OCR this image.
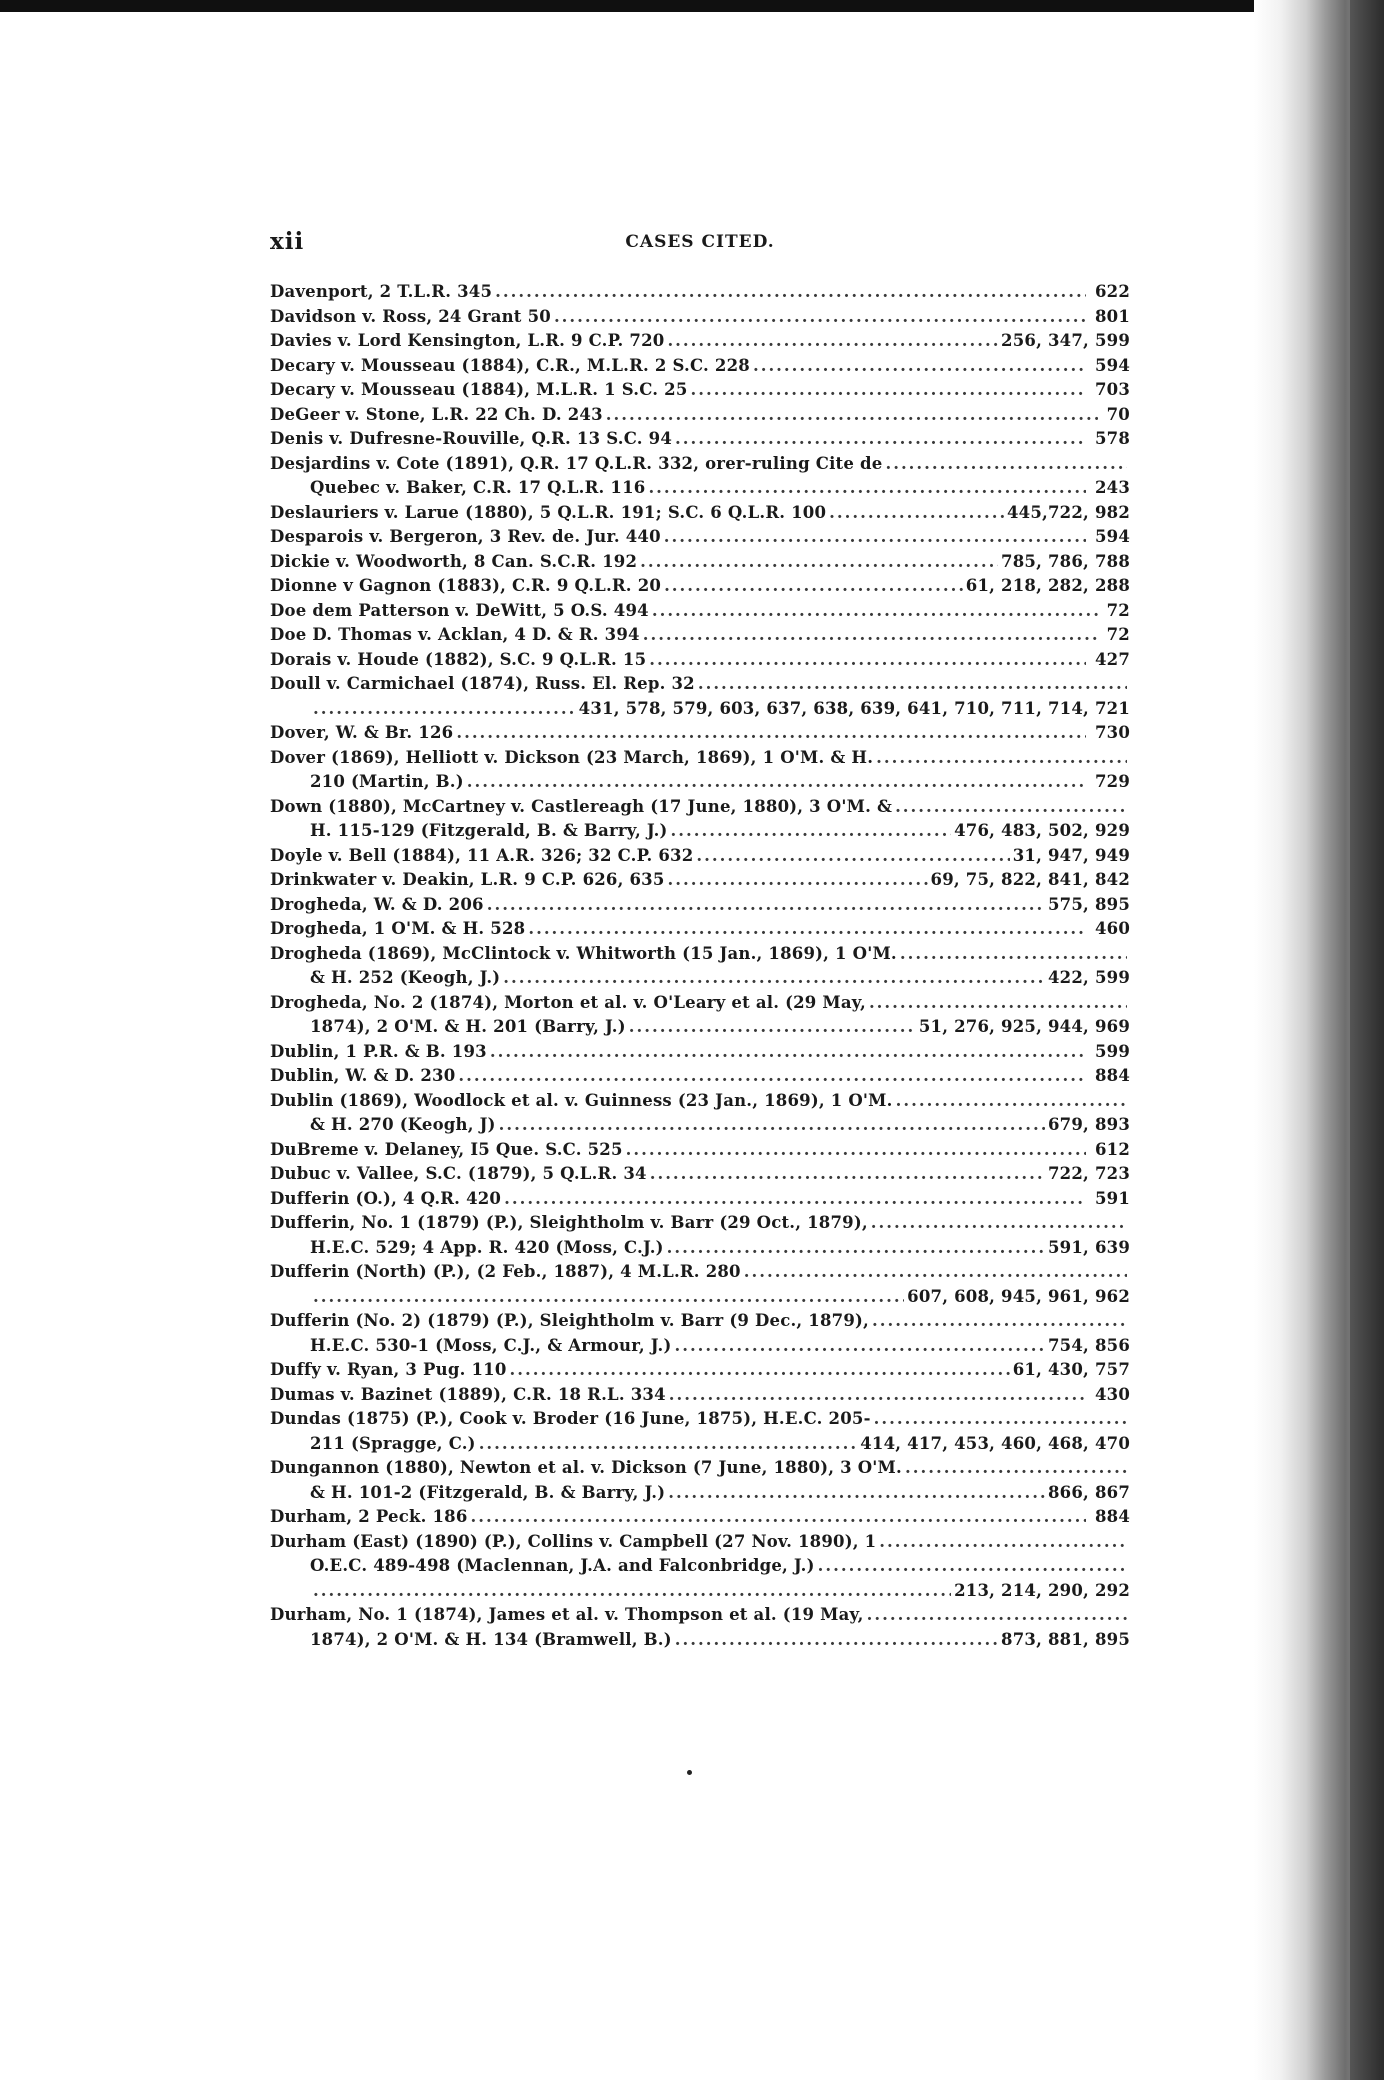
xii	CASES CITED.
Davenport, 2 T.L.R. 345 .....	622
Davidson v. Ross, 24 Grant 50 .....	801
Davies v. Lord Kensington, L.R. 9 C.P. 720 .....	256, 347, 599
Decary v. Mousseau (1884), C.R., M.L.R. 2 S.C. 228 .....	594
Decary v. Mousseau (1884), M.L.R. 1 S.C. 25 .....	703
DeGeer v. Stone, L.R. 22 Ch. D. 243 .....	70
Denis v. Dufresne-Rouville, Q.R. 13 S.C. 94 .....	578
Desjardins v. Cote (1891), Q.R. 17 Q.L.R. 332, orer-ruling Cite de
.....
Quebec v. Baker, C.R. 17 Q.L.R. 116 .....	243
Deslauriers v. Larue (1880), 5 Q.L.R. 191; S.C. 6 Q.L.R. 100 .....	445,722, 982
Desparois v. Bergeron, 3 Rev. de. Jur. 440 .....	594
Dickie v. Woodworth, 8 Can. S.C.R. 192 .....	785, 786, 788
Dionne v Gagnon (1883), C.R. 9 Q.L.R. 20 .....	61, 218, 282, 288
Doe dem Patterson v. DeWitt, 5 O.S. 494 .....	72
Doe D. Thomas v. Acklan, 4 D. & R. 394 .....	72
Dorais v. Houde (1882), S.C. 9 Q.L.R. 15 .....	427
Doull v. Carmichael (1874), Russ. El. Rep. 32
.....
.....
431, 578, 579, 603, 637, 638, 639, 641, 710, 711, 714, 721
Dover, W. & Br. 126 .....	730
Dover (1869), Helliott v. Dickson (23 March, 1869), 1 O'M. & H.
.....
210 (Martin, B.) .....	729
Down (1880), McCartney v. Castlereagh (17 June, 1880), 3 O'M. &
.....
H. 115-129 (Fitzgerald, B. & Barry, J.) .....	476, 483, 502, 929
Doyle v. Bell (1884), 11 A.R. 326; 32 C.P. 632 .....	31, 947, 949
Drinkwater v. Deakin, L.R. 9 C.P. 626, 635 .....	69, 75, 822, 841, 842
Drogheda, W. & D. 206 .....	575, 895
Drogheda, 1 O'M. & H. 528 .....	460
Drogheda (1869), McClintock v. Whitworth (15 Jan., 1869), 1 O'M.
.....
& H. 252 (Keogh, J.) .....	422, 599
Drogheda, No. 2 (1874), Morton et al. v. O'Leary et al. (29 May,
.....
1874), 2 O'M. & H. 201 (Barry, J.) .....	51, 276, 925, 944, 969
Dublin, 1 P.R. & B. 193 .....	599
Dublin, W. & D. 230 .....	884
Dublin (1869), Woodlock et al. v. Guinness (23 Jan., 1869), 1 O'M.
.....
& H. 270 (Keogh, J) .....	679, 893
DuBreme v. Delaney, I5 Que. S.C. 525 .....	612
Dubuc v. Vallee, S.C. (1879), 5 Q.L.R. 34 .....	722, 723
Dufferin (O.), 4 Q.R. 420 .....	591
Dufferin, No. 1 (1879) (P.), Sleightholm v. Barr (29 Oct., 1879),
.....
H.E.C. 529; 4 App. R. 420 (Moss, C.J.) .....	591, 639
Dufferin (North) (P.), (2 Feb., 1887), 4 M.L.R. 280
.....
.....
607, 608, 945, 961, 962
Dufferin (No. 2) (1879) (P.), Sleightholm v. Barr (9 Dec., 1879),
.....
H.E.C. 530-1 (Moss, C.J., & Armour, J.) .....	754, 856
Duffy v. Ryan, 3 Pug. 110 .....	61, 430, 757
Dumas v. Bazinet (1889), C.R. 18 R.L. 334 .....	430
Dundas (1875) (P.), Cook v. Broder (16 June, 1875), H.E.C. 205-
.....
211 (Spragge, C.) .....	414, 417, 453, 460, 468, 470
Dungannon (1880), Newton et al. v. Dickson (7 June, 1880), 3 O'M.
.....
& H. 101-2 (Fitzgerald, B. & Barry, J.) .....	866, 867
Durham, 2 Peck. 186 .....	884
Durham (East) (1890) (P.), Collins v. Campbell (27 Nov. 1890), 1
.....
O.E.C. 489-498 (Maclennan, J.A. and Falconbridge, J.)
.....
.....
213, 214, 290, 292
Durham, No. 1 (1874), James et al. v. Thompson et al. (19 May,
.....
1874), 2 O'M. & H. 134 (Bramwell, B.) .....	873, 881, 895
